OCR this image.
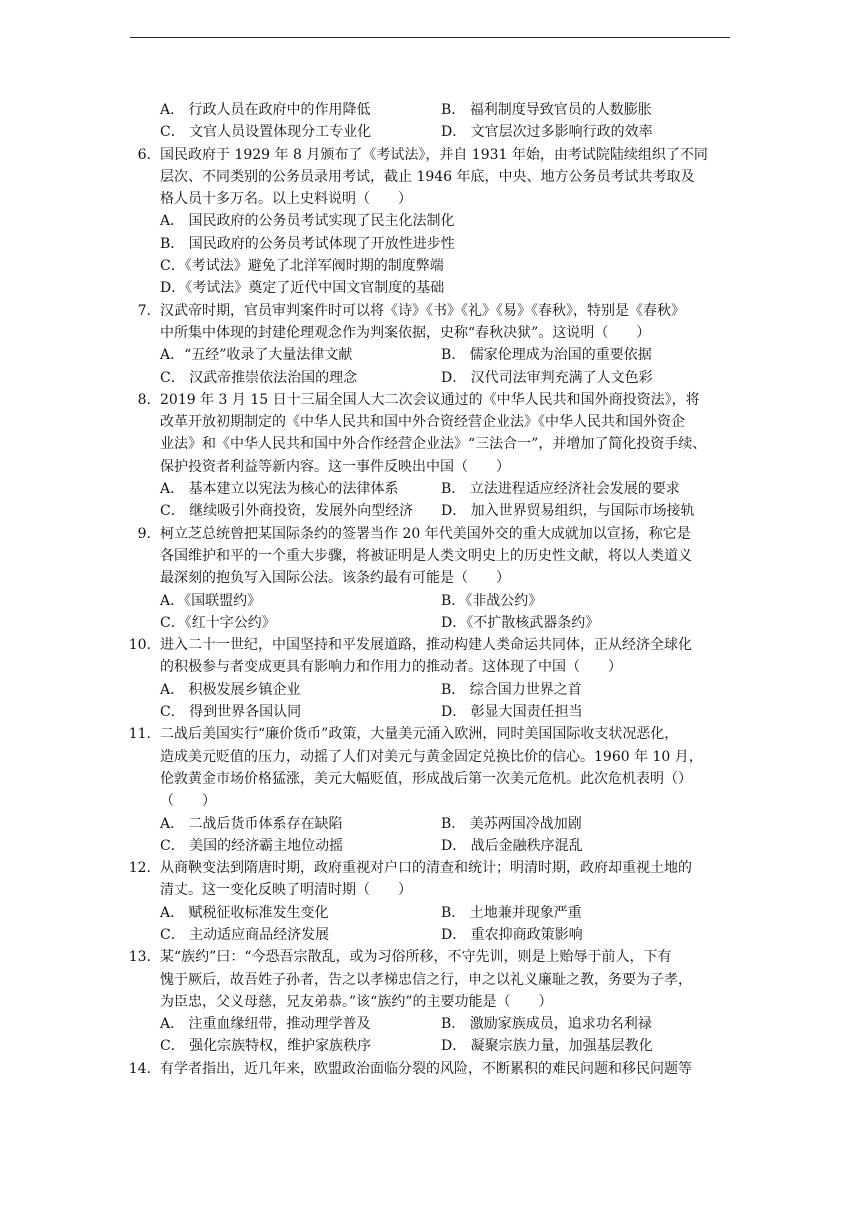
A． 行政人员在政府中的作用降低	B． 福利制度导致官员的人数膨胀
C． 文官人员设置体现分工专业化	D． 文官层次过多影响行政的效率
6. 国民政府于 1929 年 8 月颁布了《考试法》，并自 1931 年始，由考试院陆续组织了不同
层次、不同类别的公务员录用考试，截止 1946 年底，中央、地方公务员考试共考取及
格人员十多万名。以上史料说明（　　）
A． 国民政府的公务员考试实现了民主化法制化
B． 国民政府的公务员考试体现了开放性进步性
C．《考试法》避免了北洋军阀时期的制度弊端
D．《考试法》奠定了近代中国文官制度的基础
7. 汉武帝时期，官员审判案件时可以将《诗》《书》《礼》《易》《春秋》，特别是《春秋》
中所集中体现的封建伦理观念作为判案依据，史称“春秋决狱”。这说明（　　）
A．“五经”收录了大量法律文献	B． 儒家伦理成为治国的重要依据
C． 汉武帝推崇依法治国的理念	D． 汉代司法审判充满了人文色彩
8. 2019 年 3 月 15 日十三届全国人大二次会议通过的《中华人民共和国外商投资法》，将
改革开放初期制定的《中华人民共和国中外合资经营企业法》《中华人民共和国外资企
业法》和《中华人民共和国中外合作经营企业法》“三法合一”，并增加了简化投资手续、
保护投资者利益等新内容。这一事件反映出中国（　　）
A． 基本建立以宪法为核心的法律体系	B． 立法进程适应经济社会发展的要求
C． 继续吸引外商投资，发展外向型经济 D． 加入世界贸易组织，与国际市场接轨
9. 柯立芝总统曾把某国际条约的签署当作 20 年代美国外交的重大成就加以宣扬，称它是
各国维护和平的一个重大步骤，将被证明是人类文明史上的历史性文献，将以人类道义
最深刻的抱负写入国际公法。该条约最有可能是（　　）
A．《国联盟约》	B．《非战公约》
C．《红十字公约》	D．《不扩散核武器条约》
10. 进入二十一世纪，中国坚持和平发展道路，推动构建人类命运共同体，正从经济全球化
的积极参与者变成更具有影响力和作用力的推动者。这体现了中国（　　）
A． 积极发展乡镇企业	B． 综合国力世界之首
C． 得到世界各国认同	D． 彰显大国责任担当
11. 二战后美国实行“廉价货币”政策，大量美元涌入欧洲，同时美国国际收支状况恶化，
造成美元贬值的压力，动摇了人们对美元与黄金固定兑换比价的信心。1960 年 10 月，
伦敦黄金市场价格猛涨，美元大幅贬值，形成战后第一次美元危机。此次危机表明（）
（　　）
A． 二战后货币体系存在缺陷	B． 美苏两国冷战加剧
C． 美国的经济霸主地位动摇	D． 战后金融秩序混乱
12. 从商鞅变法到隋唐时期，政府重视对户口的清查和统计；明清时期，政府却重视土地的
清丈。这一变化反映了明清时期（　　）
A． 赋税征收标准发生变化	B． 土地兼并现象严重
C． 主动适应商品经济发展	D． 重农抑商政策影响
13. 某“族约”曰：“今恐吾宗散乱，或为习俗所移，不守先训，则是上贻辱于前人，下有
愧于厥后，故吾姓子孙者，告之以孝梯忠信之行，申之以礼义廉耻之教，务要为子孝，
为臣忠，父义母慈，兄友弟恭。”该“族约”的主要功能是（　　）
A． 注重血缘纽带，推动理学普及	B． 激励家族成员，追求功名利禄
C． 强化宗族特权，维护家族秩序	D． 凝聚宗族力量，加强基层教化
14. 有学者指出，近几年来，欧盟政治面临分裂的风险，不断累积的难民问题和移民问题等
